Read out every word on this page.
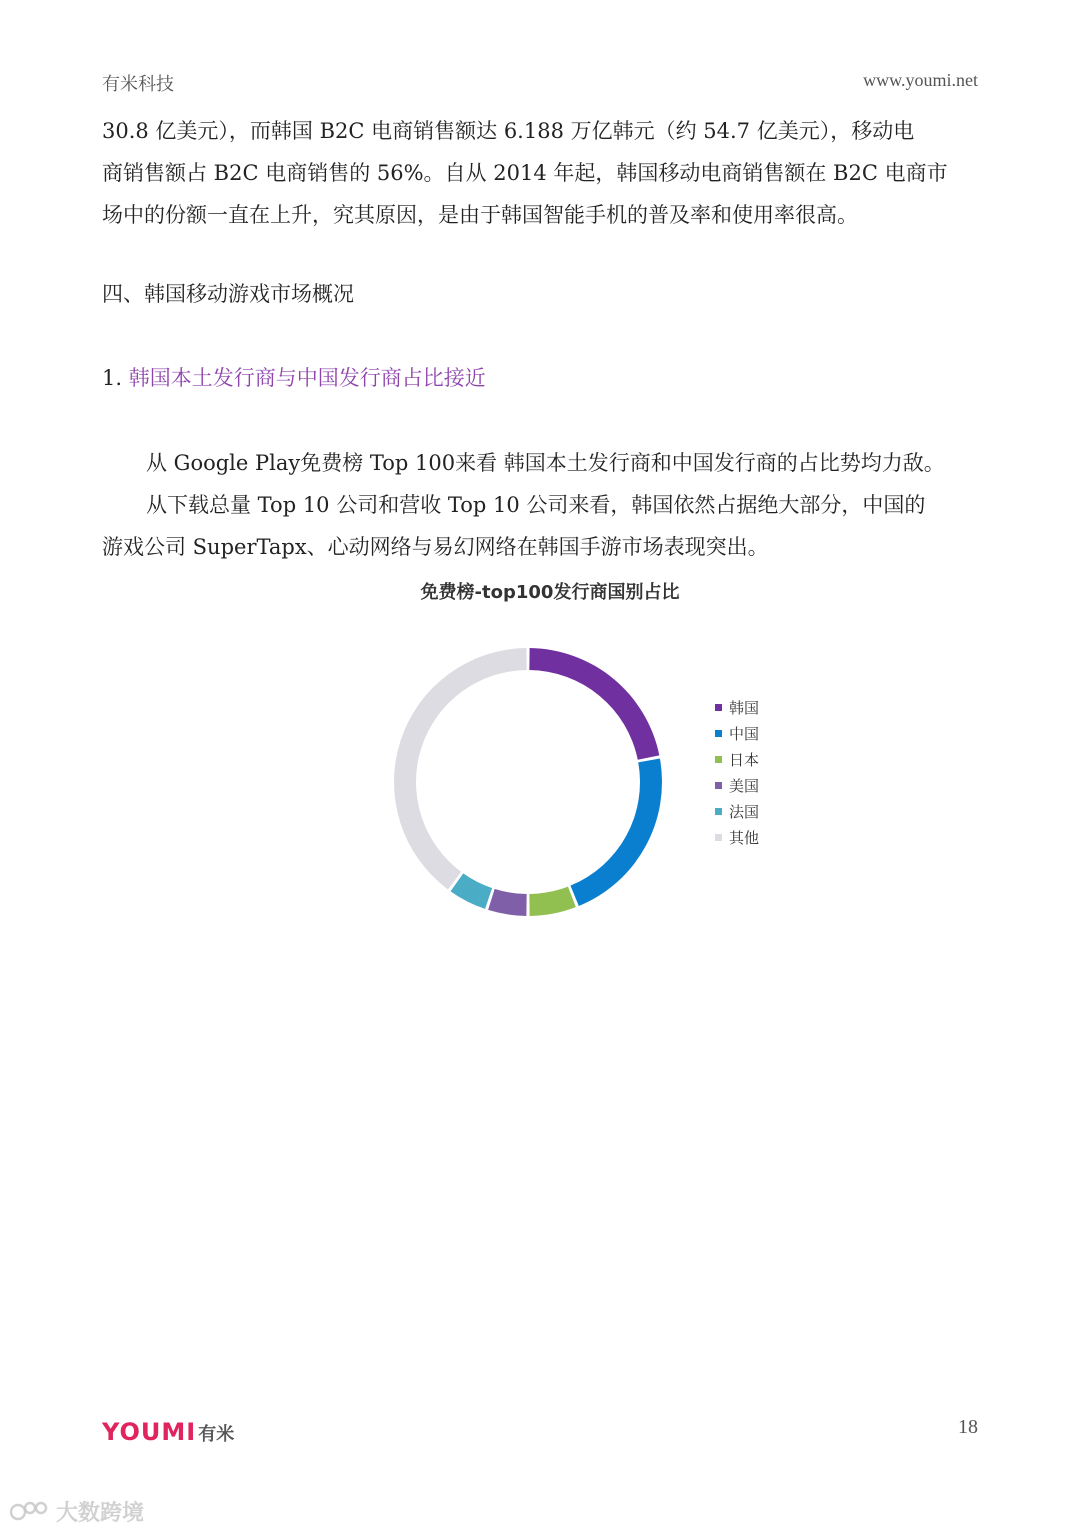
有米科技	www.youmi.net
30.8 亿美元），而韩国 B2C 电商销售额达 6.188 万亿韩元（约 54.7 亿美元），移动电
商销售额占 B2C 电商销售的 56%。自从 2014 年起，韩国移动电商销售额在 B2C 电商市
场中的份额一直在上升，究其原因，是由于韩国智能手机的普及率和使用率很高。
四、韩国移动游戏市场概况
1. 韩国本土发行商与中国发行商占比接近
从 Google Play免费榜 Top 100来看 韩国本土发行商和中国发行商的占比势均力敌。
从下载总量 Top 10 公司和营收 Top 10 公司来看，韩国依然占据绝大部分，中国的
游戏公司 SuperTapx、心动网络与易幻网络在韩国手游市场表现突出。
免费榜-top100发行商国别占比
韩国
中国
日本
美国
法国
其他
YOUMI 有米	18
大数跨境
